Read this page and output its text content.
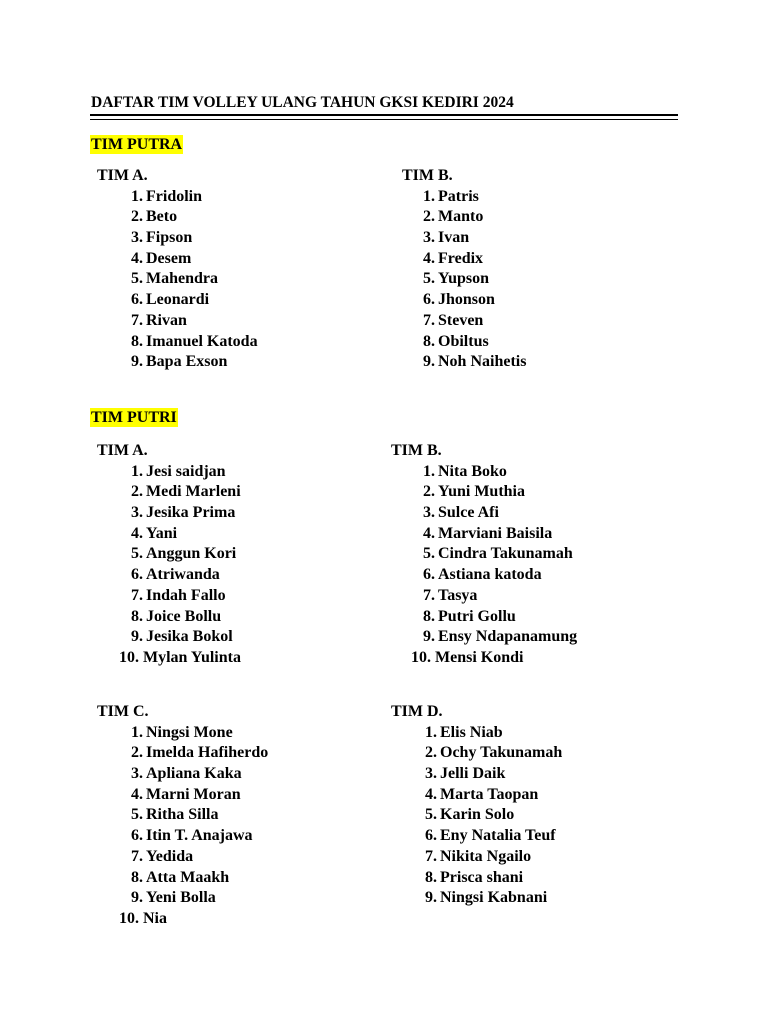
DAFTAR TIM VOLLEY ULANG TAHUN GKSI KEDIRI 2024
TIM PUTRA
TIM PUTRI
TIM A.
1. Fridolin
2. Beto
3. Fipson
4. Desem
5. Mahendra
6. Leonardi
7. Rivan
8. Imanuel Katoda
9. Bapa Exson
TIM B.
1. Patris
2. Manto
3. Ivan
4. Fredix
5. Yupson
6. Jhonson
7. Steven
8. Obiltus
9. Noh Naihetis
TIM A.
1. Jesi saidjan
2. Medi Marleni
3. Jesika Prima
4. Yani
5. Anggun Kori
6. Atriwanda
7. Indah Fallo
8. Joice Bollu
9. Jesika Bokol
10. Mylan Yulinta
TIM B.
1. Nita Boko
2. Yuni Muthia
3. Sulce Afi
4. Marviani Baisila
5. Cindra Takunamah
6. Astiana katoda
7. Tasya
8. Putri Gollu
9. Ensy Ndapanamung
10. Mensi Kondi
TIM C.
1. Ningsi Mone
2. Imelda Hafiherdo
3. Apliana Kaka
4. Marni Moran
5. Ritha Silla
6. Itin T. Anajawa
7. Yedida
8. Atta Maakh
9. Yeni Bolla
10. Nia
TIM D.
1. Elis Niab
2. Ochy Takunamah
3. Jelli Daik
4. Marta Taopan
5. Karin Solo
6. Eny Natalia Teuf
7. Nikita Ngailo
8. Prisca shani
9. Ningsi Kabnani
